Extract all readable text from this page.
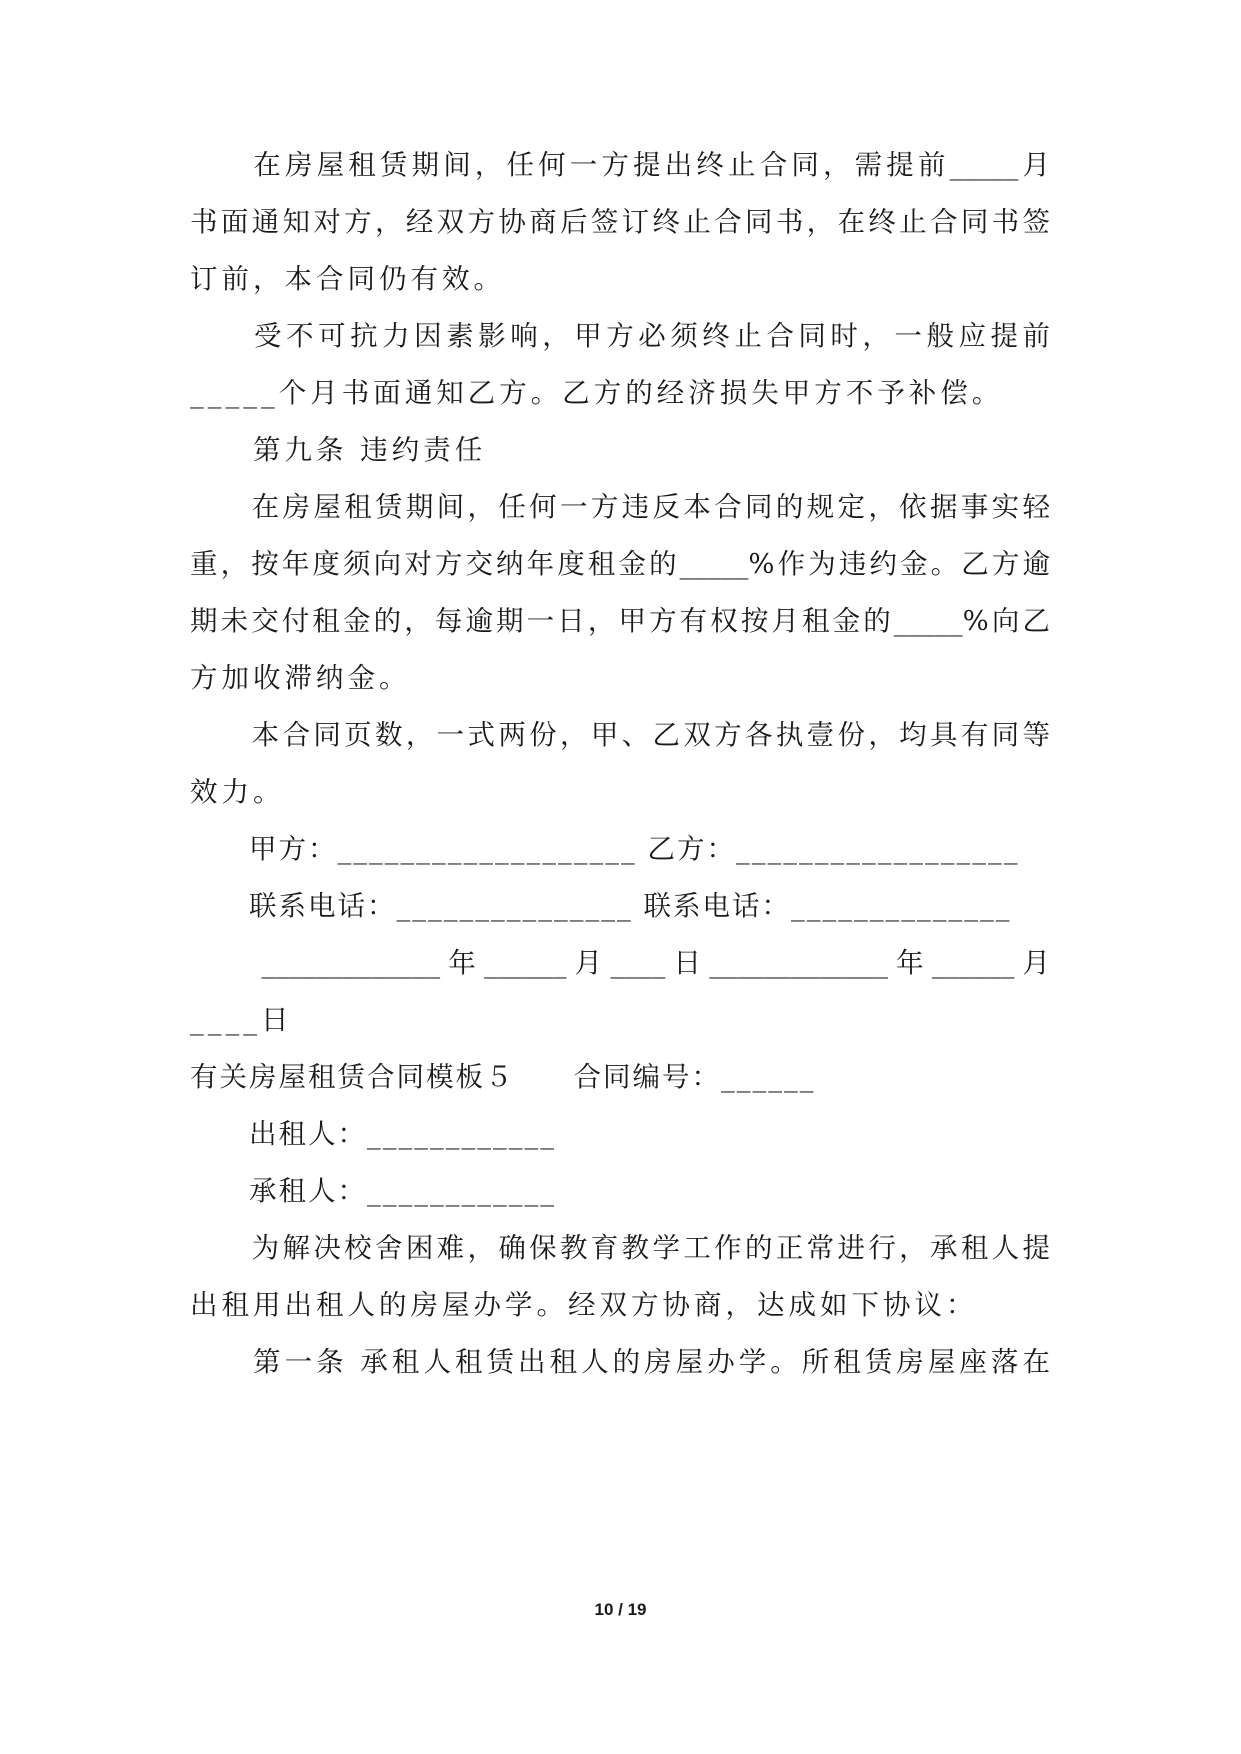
　　在房屋租赁期间，任何一方提出终止合同，需提前_____月

书面通知对方，经双方协商后签订终止合同书，在终止合同书签

订前，本合同仍有效。

　　受不可抗力因素影响，甲方必须终止合同时，一般应提前

_____个月书面通知乙方。乙方的经济损失甲方不予补偿。

　　第九条 违约责任

　　在房屋租赁期间，任何一方违反本合同的规定，依据事实轻

重，按年度须向对方交纳年度租金的_____%作为违约金。乙方逾

期未交付租金的，每逾期一日，甲方有权按月租金的_____%向乙

方加收滞纳金。

　　本合同页数，一式两份，甲、乙双方各执壹份，均具有同等

效力。

　　甲方：___________________ 乙方：__________________

　　联系电话：_______________ 联系电话：______________

　　_____________年______月____日_____________年______月

____日

有关房屋租赁合同模板５　　合同编号：______

　　出租人：____________

　　承租人：____________

　　为解决校舍困难，确保教育教学工作的正常进行，承租人提

出租用出租人的房屋办学。经双方协商，达成如下协议：

　　第一条 承租人租赁出租人的房屋办学。所租赁房屋座落在

10 / 19
